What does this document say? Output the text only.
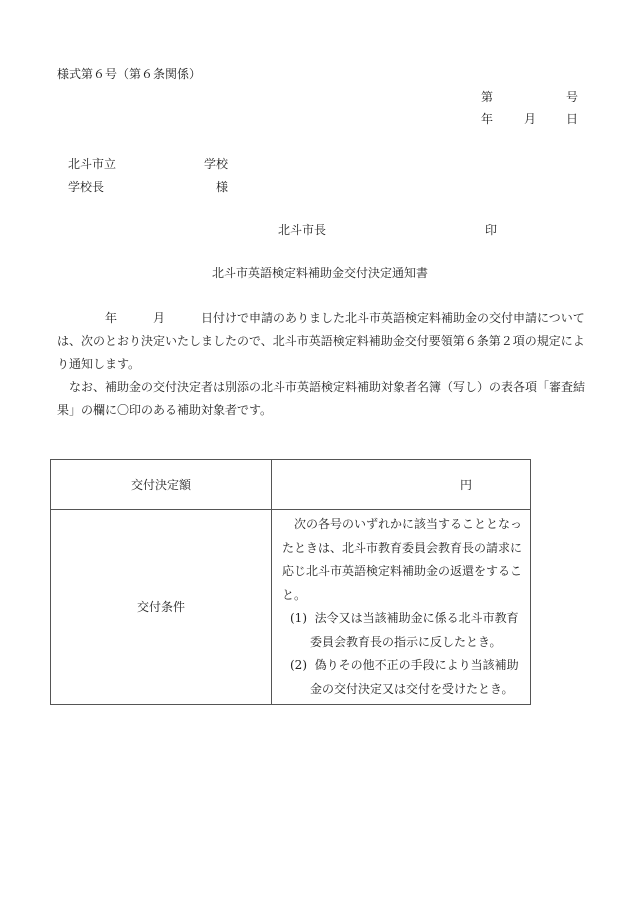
様式第６号（第６条関係）
第	号
年	月 日
北斗市立	学校
学校長	様
北斗市長	印
北斗市英語検定料補助金交付決定通知書
年	月	日付けで申請のありました北斗市英語検定料補助金の交付申請については、次のとおり決定いたしましたので、北斗市英語検定料補助金交付要領第６条第２項の規定により通知します。
なお、補助金の交付決定者は別添の北斗市英語検定料補助対象者名簿（写し）の表各項「審査結果」の欄に〇印のある補助対象者です。
交付決定額	円
交付条件	次の各号のいずれかに該当することとなったときは、北斗市教育委員会教育長の請求に応じ北斗市英語検定料補助金の返還をすること。
(1)  法令又は当該補助金に係る北斗市教育委員会教育長の指示に反したとき。
(2)  偽りその他不正の手段により当該補助金の交付決定又は交付を受けたとき。
